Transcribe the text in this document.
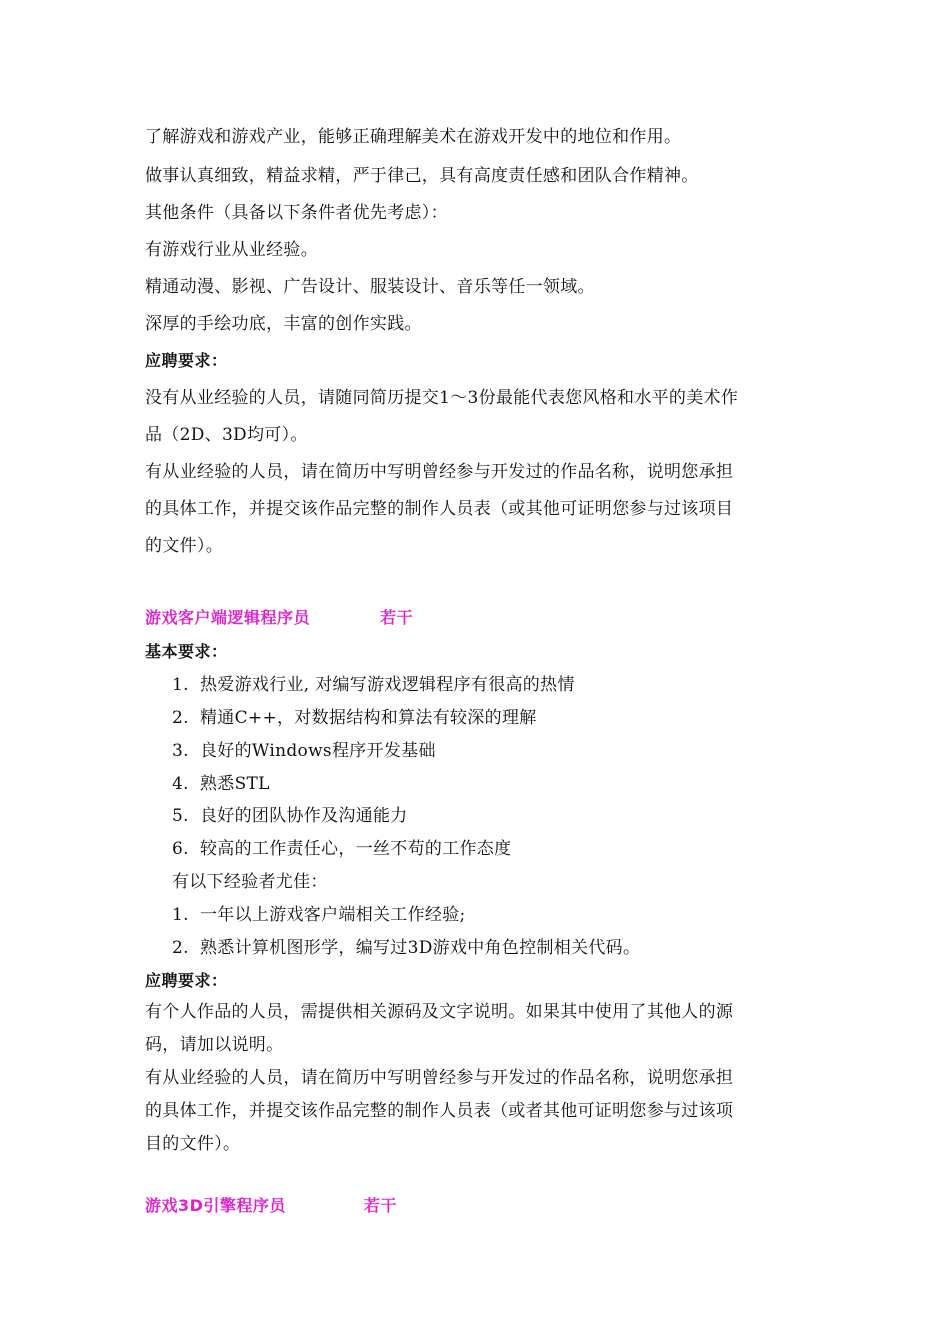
了解游戏和游戏产业，能够正确理解美术在游戏开发中的地位和作用。
做事认真细致，精益求精，严于律己，具有高度责任感和团队合作精神。
其他条件（具备以下条件者优先考虑）：
有游戏行业从业经验。
精通动漫、影视、广告设计、服装设计、音乐等任一领域。
深厚的手绘功底，丰富的创作实践。
应聘要求：
没有从业经验的人员，请随同简历提交1～3份最能代表您风格和水平的美术作
品（2D、3D均可）。
有从业经验的人员，请在简历中写明曾经参与开发过的作品名称，说明您承担
的具体工作，并提交该作品完整的制作人员表（或其他可证明您参与过该项目
的文件）。
游戏客户端逻辑程序员	若干
基本要求：
1. 热爱游戏行业, 对编写游戏逻辑程序有很高的热情
2. 精通C++，对数据结构和算法有较深的理解
3. 良好的Windows程序开发基础
4. 熟悉STL
5. 良好的团队协作及沟通能力
6. 较高的工作责任心，一丝不苟的工作态度
有以下经验者尤佳：
1. 一年以上游戏客户端相关工作经验;
2. 熟悉计算机图形学，编写过3D游戏中角色控制相关代码。
应聘要求：
有个人作品的人员，需提供相关源码及文字说明。如果其中使用了其他人的源
码，请加以说明。
有从业经验的人员，请在简历中写明曾经参与开发过的作品名称，说明您承担
的具体工作，并提交该作品完整的制作人员表（或者其他可证明您参与过该项
目的文件）。
游戏3D引擎程序员	若干
